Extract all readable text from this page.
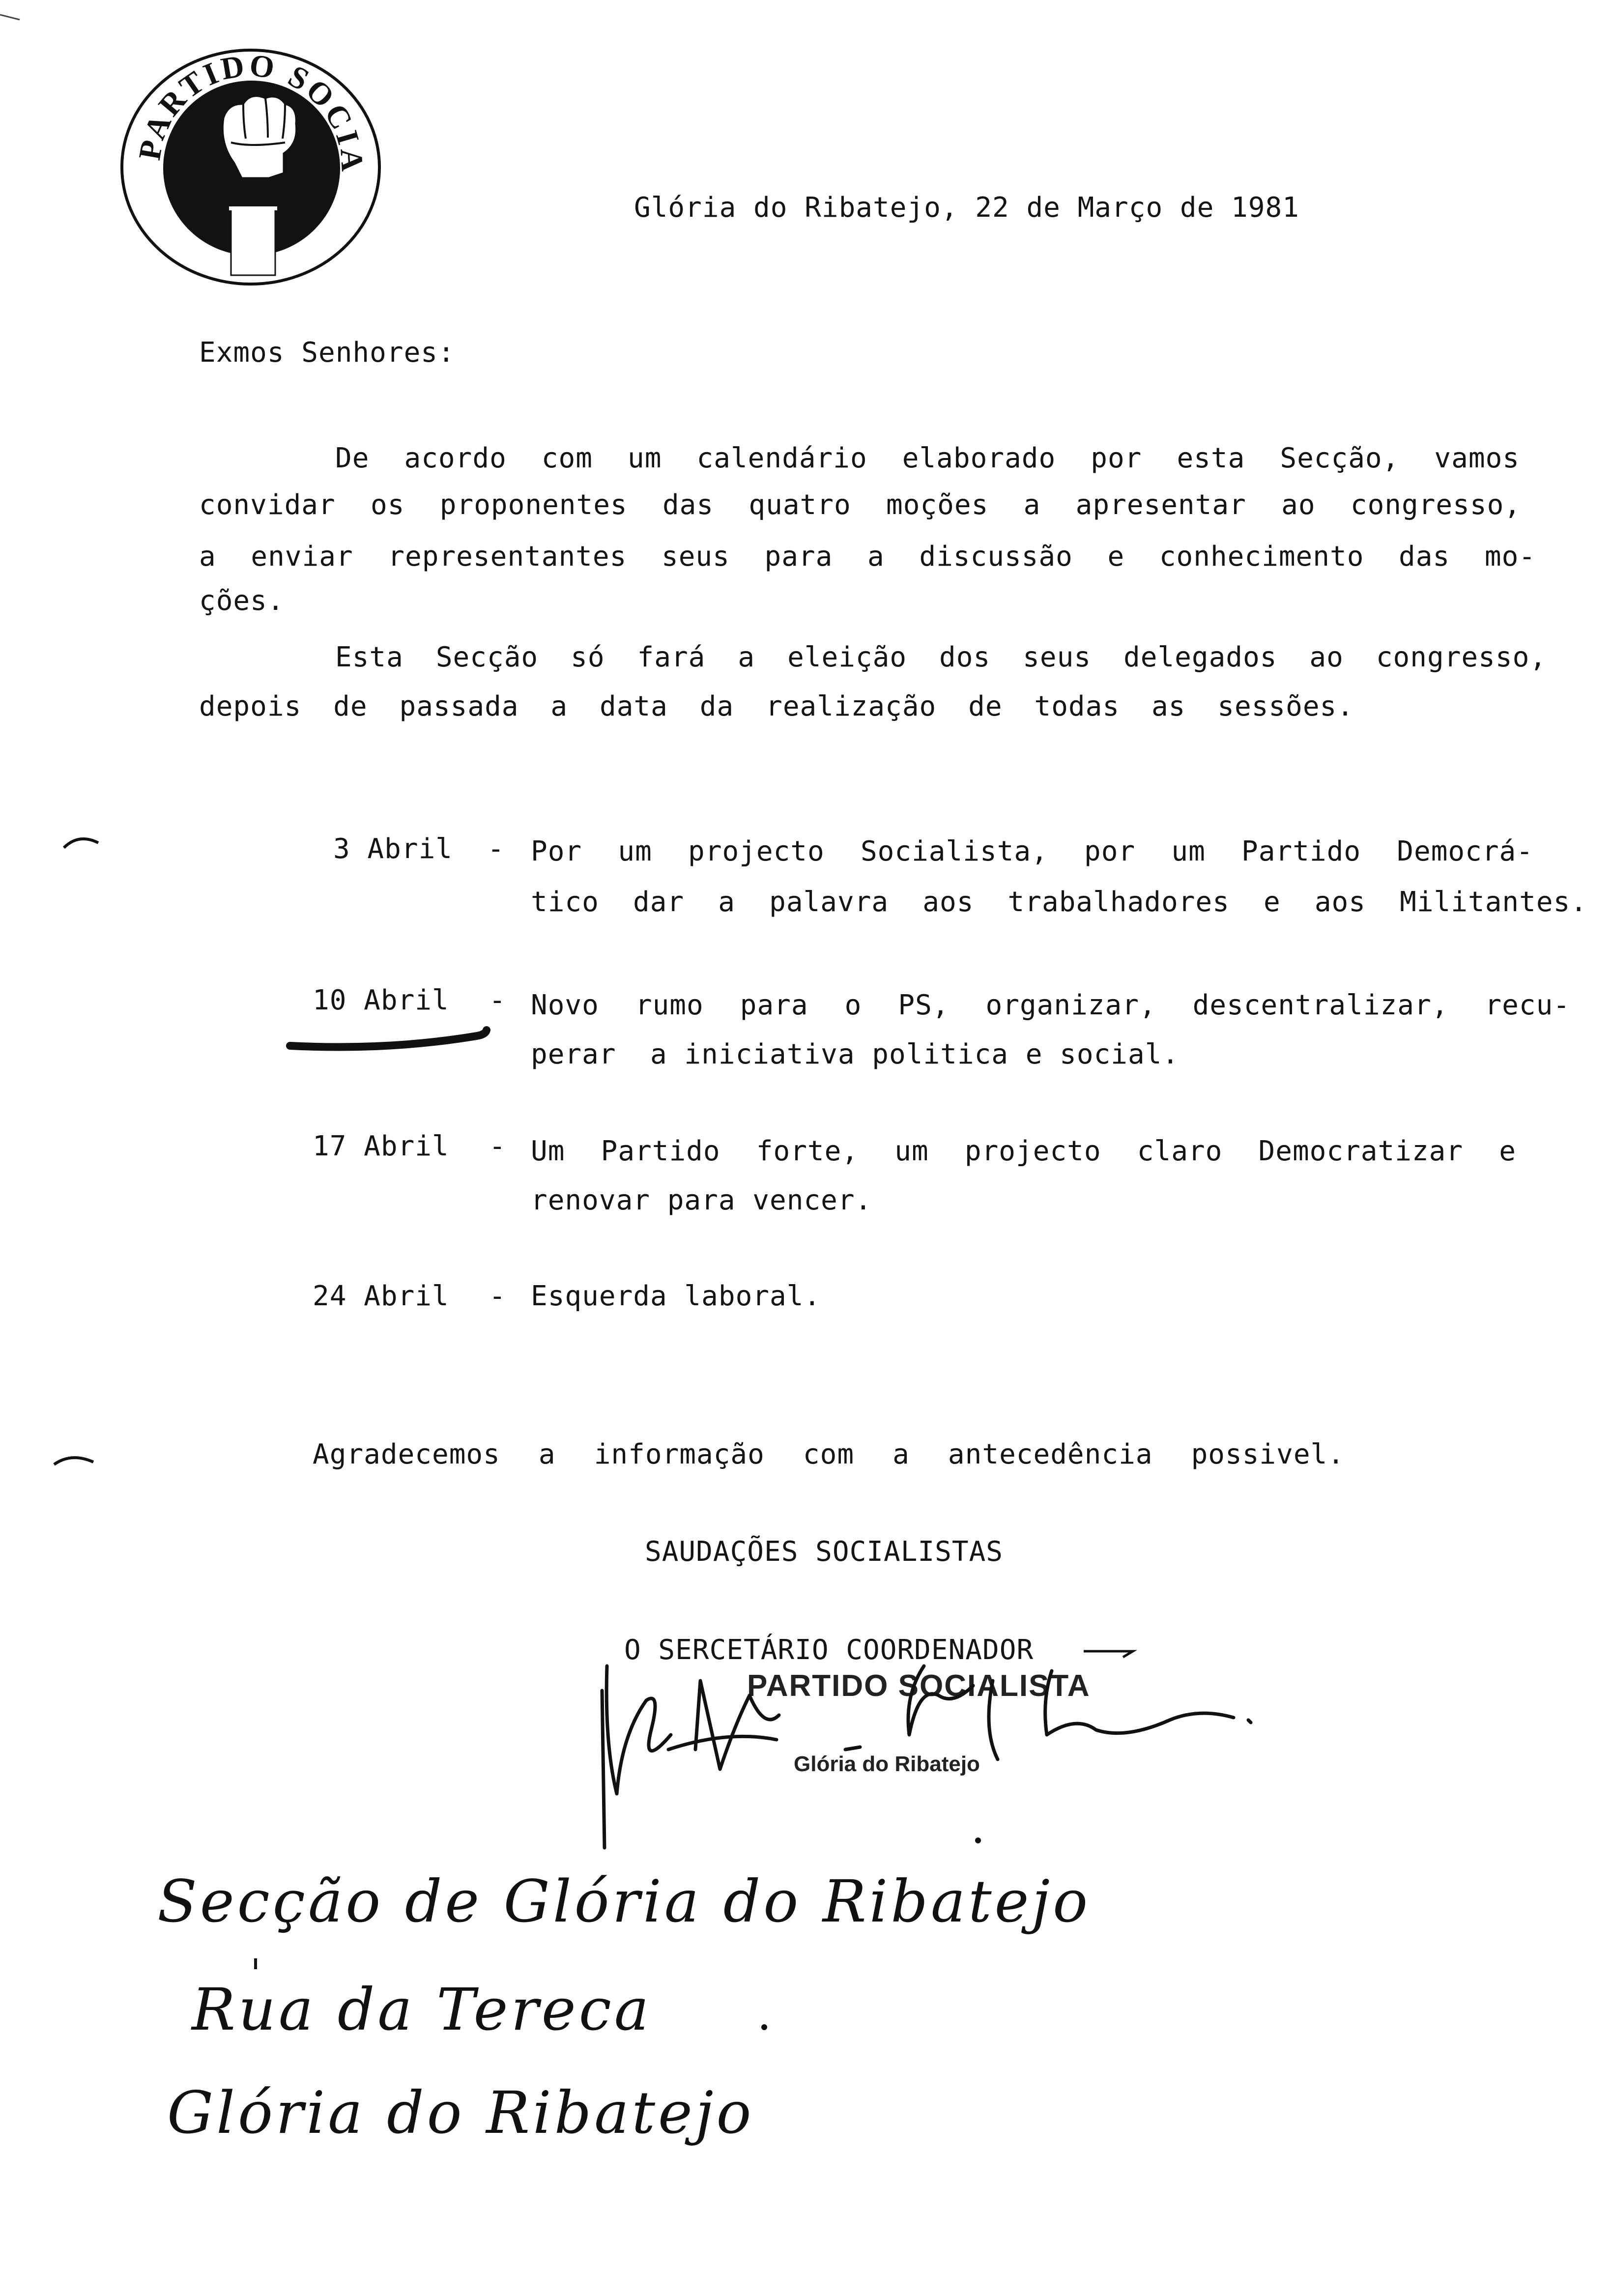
PARTIDO SOCIALISTA
Glória do Ribatejo, 22 de Março de 1981
Exmos Senhores:
De acordo com um calendário elaborado por esta Secção, vamos
convidar os proponentes das quatro moções a apresentar ao congresso,
a enviar representantes seus para a discussão e conhecimento das mo-
ções.
Esta Secção só fará a eleição dos seus delegados ao congresso,
depois de passada a data da realização de todas as sessões.
3 Abril - Por um projecto Socialista, por um Partido Democrá-
tico dar a palavra aos trabalhadores e aos Militantes.
10 Abril - Novo rumo para o PS, organizar, descentralizar, recu-
perar  a iniciativa politica e social.
17 Abril - Um Partido forte, um projecto claro Democratizar e
renovar para vencer.
24 Abril - Esquerda laboral.
Agradecemos a informação com a antecedência possivel.
SAUDAÇÕES SOCIALISTAS
O SERCETÁRIO COORDENADOR
PARTIDO SOCIALISTA
Glória do Ribatejo
Secção de Glória do Ribatejo
Rua da Tereca
Glória do Ribatejo
